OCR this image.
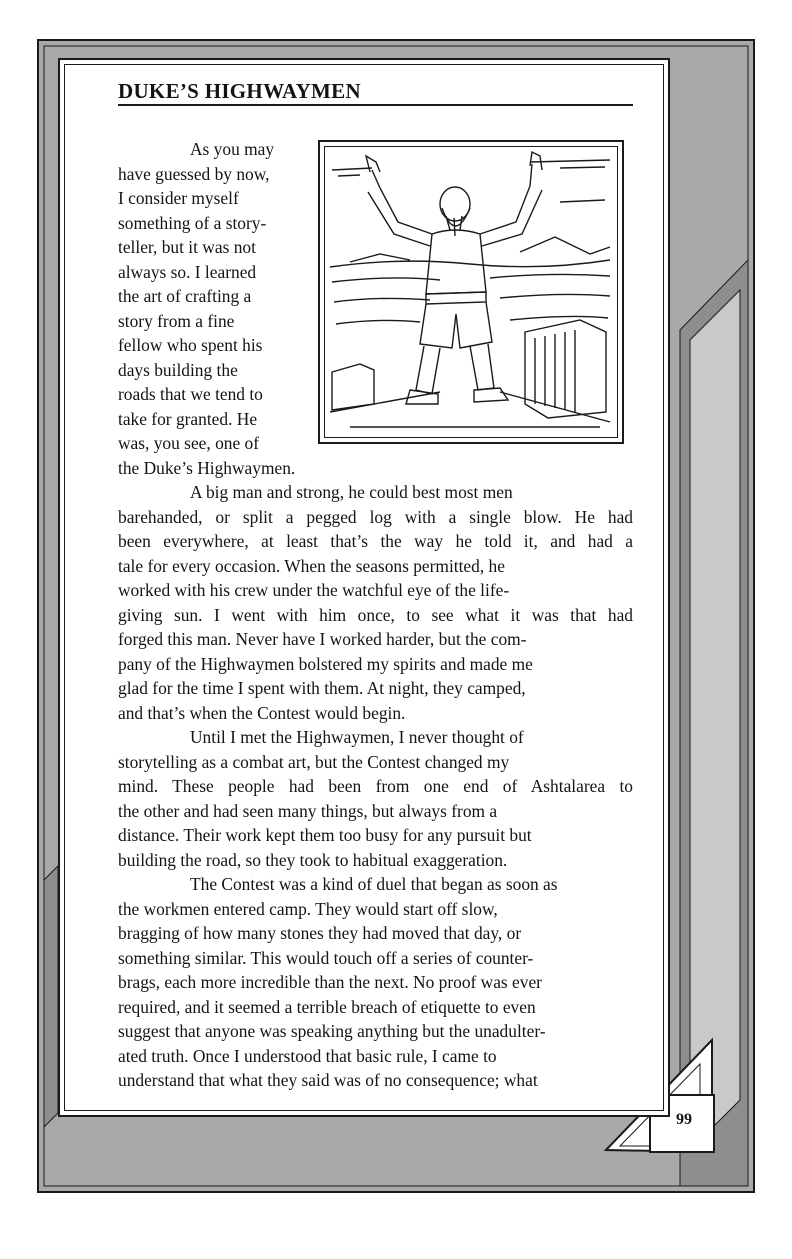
DUKE’S HIGHWAYMEN
As you may
have guessed by now,
I consider myself
something of a story-
teller, but it was not
always so. I learned
the art of crafting a
story from a fine
fellow who spent his
days building the
roads that we tend to
take for granted. He
was, you see, one of
the Duke’s Highwaymen.
A big man and strong, he could best most men
barehanded, or split a pegged log with a single blow. He had
been everywhere, at least that’s the way he told it, and had a
tale for every occasion. When the seasons permitted, he
worked with his crew under the watchful eye of the life-
giving sun. I went with him once, to see what it was that had
forged this man. Never have I worked harder, but the com-
pany of the Highwaymen bolstered my spirits and made me
glad for the time I spent with them. At night, they camped,
and that’s when the Contest would begin.
Until I met the Highwaymen, I never thought of
storytelling as a combat art, but the Contest changed my
mind. These people had been from one end of Ashtalarea to
the other and had seen many things, but always from a
distance. Their work kept them too busy for any pursuit but
building the road, so they took to habitual exaggeration.
The Contest was a kind of duel that began as soon as
the workmen entered camp. They would start off slow,
bragging of how many stones they had moved that day, or
something similar. This would touch off a series of counter-
brags, each more incredible than the next. No proof was ever
required, and it seemed a terrible breach of etiquette to even
suggest that anyone was speaking anything but the unadulter-
ated truth. Once I understood that basic rule, I came to
understand that what they said was of no consequence; what
99
